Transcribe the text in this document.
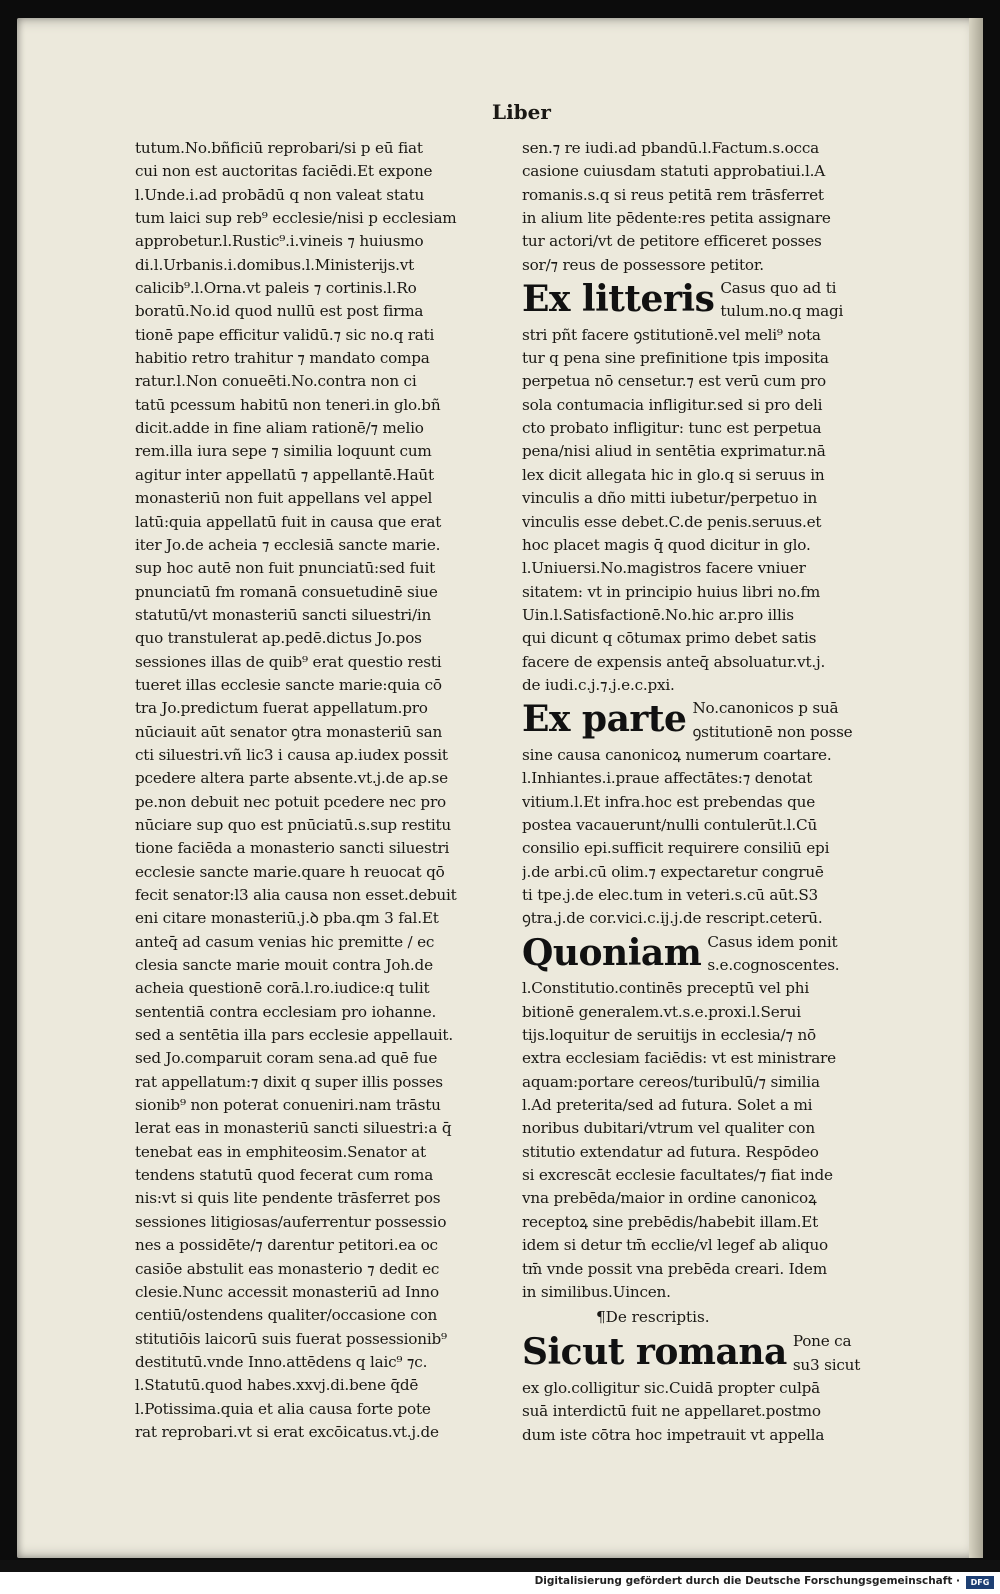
Liber
tutum.No.bñficiū reprobari/si p eū fiat
cui non est auctoritas faciēdi.Et expone
l.Unde.i.ad probādū q non valeat statu
tum laici sup reb⁹ ecclesie/nisi p ecclesiam
approbetur.l.Rustic⁹.i.vineis ⁊ huiusmo
di.l.Urbanis.i.domibus.l.Ministerijs.vt
calicib⁹.l.Orna.vt paleis ⁊ cortinis.l.Ro
boratū.No.id quod nullū est post firma
tionē pape efficitur validū.⁊ sic no.q rati
habitio retro trahitur ⁊ mandato compa
ratur.l.Non conueēti.No.contra non ci
tatū pcessum habitū non teneri.in glo.bñ
dicit.adde in fine aliam rationē/⁊ melio
rem.illa iura sepe ⁊ similia loquunt cum
agitur inter appellatū ⁊ appellantē.Haūt
monasteriū non fuit appellans vel appel
latū:quia appellatū fuit in causa que erat
iter Jo.de acheia ⁊ ecclesiā sancte marie.
sup hoc autē non fuit pnunciatū:sed fuit
pnunciatū fm romanā consuetudinē siue
statutū/vt monasteriū sancti siluestri/in
quo transtulerat ap.pedē.dictus Jo.pos
sessiones illas de quib⁹ erat questio resti
tueret illas ecclesie sancte marie:quia cō
tra Jo.predictum fuerat appellatum.pro
nūciauit aūt senator ꝯtra monasteriū san
cti siluestri.vñ lic3 i causa ap.iudex possit
pcedere altera parte absente.vt.j.de ap.se
pe.non debuit nec potuit pcedere nec pro
nūciare sup quo est pnūciatū.s.sup restitu
tione faciēda a monasterio sancti siluestri
ecclesie sancte marie.quare h reuocat qō
fecit senator:l3 alia causa non esset.debuit
eni citare monasteriū.j.ꝺ pba.qm 3 fal.Et
anteq̄ ad casum venias hic premitte / ec
clesia sancte marie mouit contra Joh.de
acheia questionē corā.l.ro.iudice:q tulit
sententiā contra ecclesiam pro iohanne.
sed a sentētia illa pars ecclesie appellauit.
sed Jo.comparuit coram sena.ad quē fue
rat appellatum:⁊ dixit q super illis posses
sionib⁹ non poterat conueniri.nam trāstu
lerat eas in monasteriū sancti siluestri:a q̄
tenebat eas in emphiteosim.Senator at
tendens statutū quod fecerat cum roma
nis:vt si quis lite pendente trāsferret pos
sessiones litigiosas/auferrentur possessio
nes a possidēte/⁊ darentur petitori.ea oc
casiōe abstulit eas monasterio ⁊ dedit ec
clesie.Nunc accessit monasteriū ad Inno
centiū/ostendens qualiter/occasione con
stitutiōis laicorū suis fuerat possessionib⁹
destitutū.vnde Inno.attēdens q laic⁹ ⁊c.
l.Statutū.quod habes.xxvj.di.bene q̄dē
l.Potissima.quia et alia causa forte pote
rat reprobari.vt si erat excōicatus.vt.j.de
sen.⁊ re iudi.ad pbandū.l.Factum.s.occa
casione cuiusdam statuti approbatiui.l.A
romanis.s.q si reus petitā rem trāsferret
in alium lite pēdente:res petita assignare
tur actori/vt de petitore efficeret posses
sor/⁊ reus de possessore petitor.
Ex litteris Casus quo ad ti
tulum.no.q magi
stri pñt facere ꝯstitutionē.vel meli⁹ nota
tur q pena sine prefinitione tpis imposita
perpetua nō censetur.⁊ est verū cum pro
sola contumacia infligitur.sed si pro deli
cto probato infligitur: tunc est perpetua
pena/nisi aliud in sentētia exprimatur.nā
lex dicit allegata hic in glo.q si seruus in
vinculis a dño mitti iubetur/perpetuo in
vinculis esse debet.C.de penis.seruus.et
hoc placet magis q̄ quod dicitur in glo.
l.Uniuersi.No.magistros facere vniuer
sitatem: vt in principio huius libri no.fm
Uin.l.Satisfactionē.No.hic ar.pro illis
qui dicunt q cōtumax primo debet satis
facere de expensis anteq̄ absoluatur.vt.j.
de iudi.c.j.⁊.j.e.c.pxi.
Ex parte No.canonicos p suā
ꝯstitutionē non posse
sine causa canonicoꝝ numerum coartare.
l.Inhiantes.i.praue affectātes:⁊ denotat
vitium.l.Et infra.hoc est prebendas que
postea vacauerunt/nulli contulerūt.l.Cū
consilio epi.sufficit requirere consiliū epi
j.de arbi.cū olim.⁊ expectaretur congruē
ti tpe.j.de elec.tum in veteri.s.cū aūt.S3
ꝯtra.j.de cor.vici.c.ij.j.de rescript.ceterū.
Quoniam Casus idem ponit
s.e.cognoscentes.
l.Constitutio.continēs preceptū vel phi
bitionē generalem.vt.s.e.proxi.l.Serui
tijs.loquitur de seruitijs in ecclesia/⁊ nō
extra ecclesiam faciēdis: vt est ministrare
aquam:portare cereos/turibulū/⁊ similia
l.Ad preterita/sed ad futura. Solet a mi
noribus dubitari/vtrum vel qualiter con
stitutio extendatur ad futura. Respōdeo
si excrescāt ecclesie facultates/⁊ fiat inde
vna prebēda/maior in ordine canonicoꝝ
receptoꝝ sine prebēdis/habebit illam.Et
idem si detur tm̄ ecclie/vl legef ab aliquo
tm̄ vnde possit vna prebēda creari. Idem
in similibus.Uincen.
¶De rescriptis.
Sicut romana Pone ca
su3 sicut
ex glo.colligitur sic.Cuidā propter culpā
suā interdictū fuit ne appellaret.postmo
dum iste cōtra hoc impetrauit vt appella
Digitalisierung gefördert durch die Deutsche Forschungsgemeinschaft ·	DFG
